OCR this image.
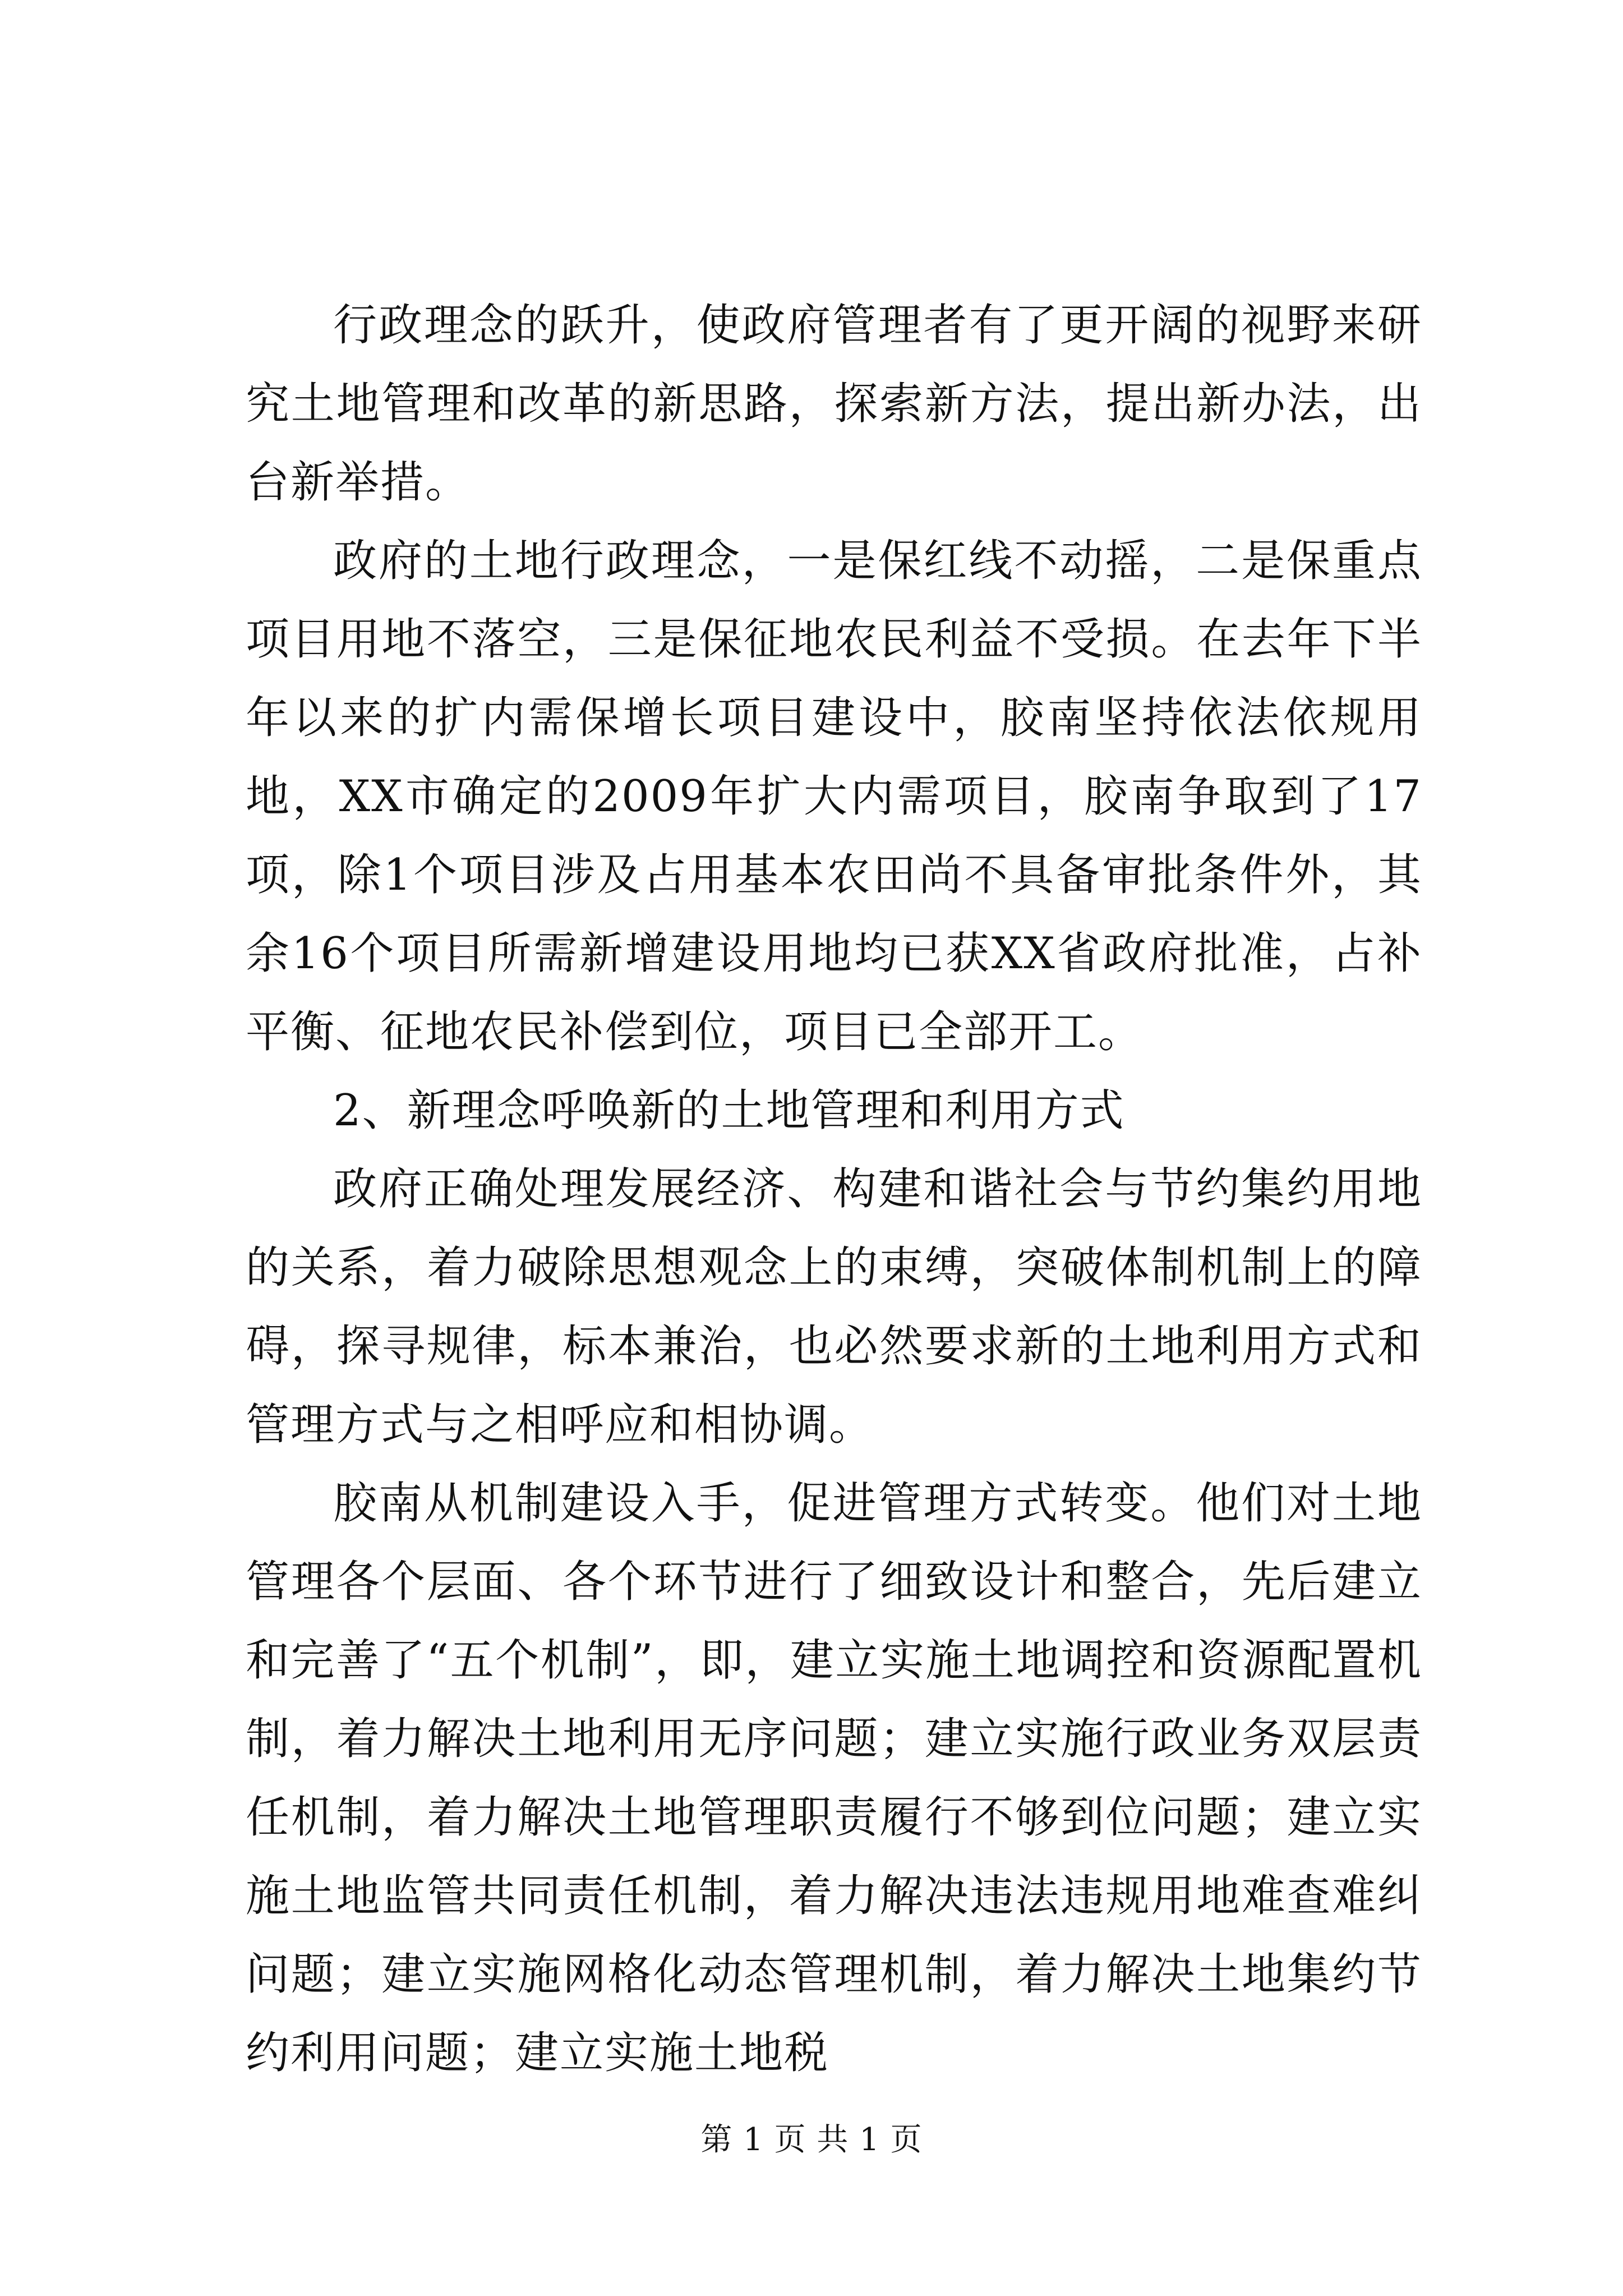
行政理念的跃升，使政府管理者有了更开阔的视野来研究土地管理和改革的新思路，探索新方法，提出新办法，出台新举措。

政府的土地行政理念，一是保红线不动摇，二是保重点项目用地不落空，三是保征地农民利益不受损。在去年下半年以来的扩内需保增长项目建设中，胶南坚持依法依规用地，XX市确定的2009年扩大内需项目，胶南争取到了17项，除1个项目涉及占用基本农田尚不具备审批条件外，其余16个项目所需新增建设用地均已获XX省政府批准，占补平衡、征地农民补偿到位，项目已全部开工。

2、新理念呼唤新的土地管理和利用方式

政府正确处理发展经济、构建和谐社会与节约集约用地的关系，着力破除思想观念上的束缚，突破体制机制上的障碍，探寻规律，标本兼治，也必然要求新的土地利用方式和管理方式与之相呼应和相协调。

胶南从机制建设入手，促进管理方式转变。他们对土地管理各个层面、各个环节进行了细致设计和整合，先后建立和完善了“五个机制”，即，建立实施土地调控和资源配置机制，着力解决土地利用无序问题；建立实施行政业务双层责任机制，着力解决土地管理职责履行不够到位问题；建立实施土地监管共同责任机制，着力解决违法违规用地难查难纠问题；建立实施网格化动态管理机制，着力解决土地集约节约利用问题；建立实施土地税

第 1 页 共 1 页
